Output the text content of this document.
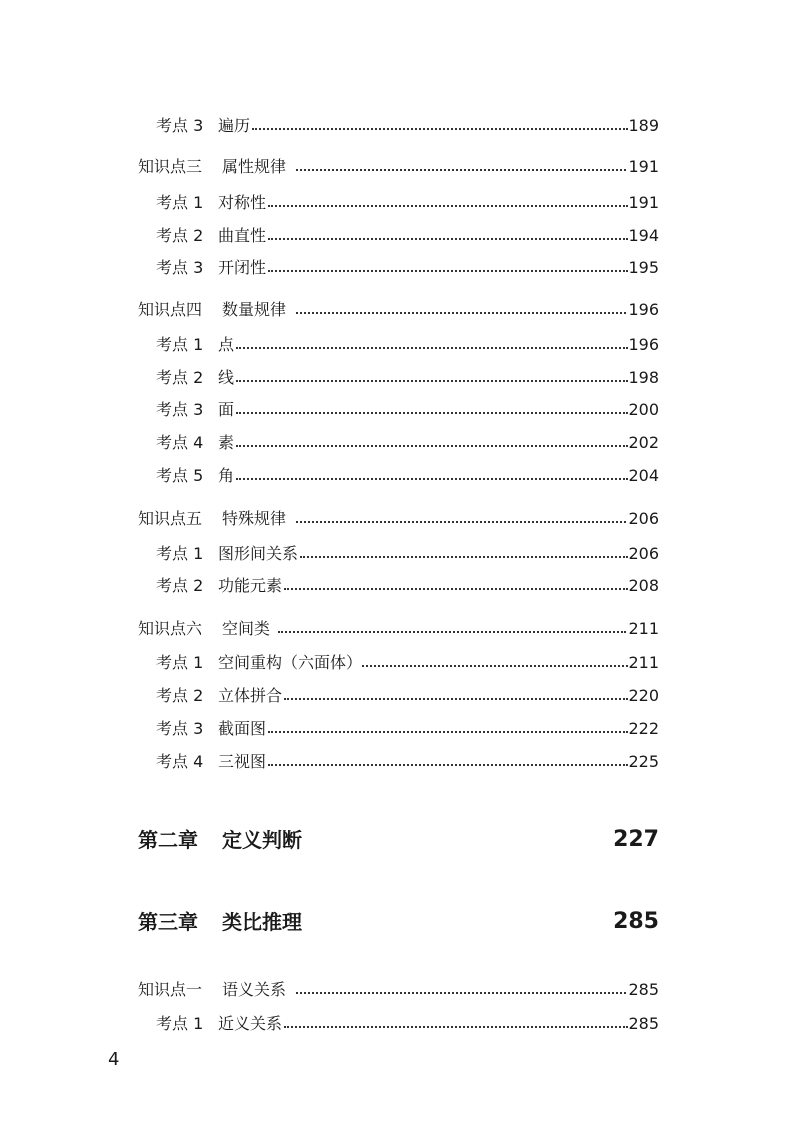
考点 3 遍历	189
知识点三 属性规律	191
考点 1 对称性	191
考点 2 曲直性	194
考点 3 开闭性	195
知识点四 数量规律	196
考点 1 点	196
考点 2 线	198
考点 3 面	200
考点 4 素	202
考点 5 角	204
知识点五 特殊规律	206
考点 1 图形间关系	206
考点 2 功能元素	208
知识点六 空间类	211
考点 1 空间重构（六面体）	211
考点 2 立体拼合	220
考点 3 截面图	222
考点 4 三视图	225
第二章 定义判断	227
第三章 类比推理	285
知识点一 语义关系	285
考点 1 近义关系	285
4
